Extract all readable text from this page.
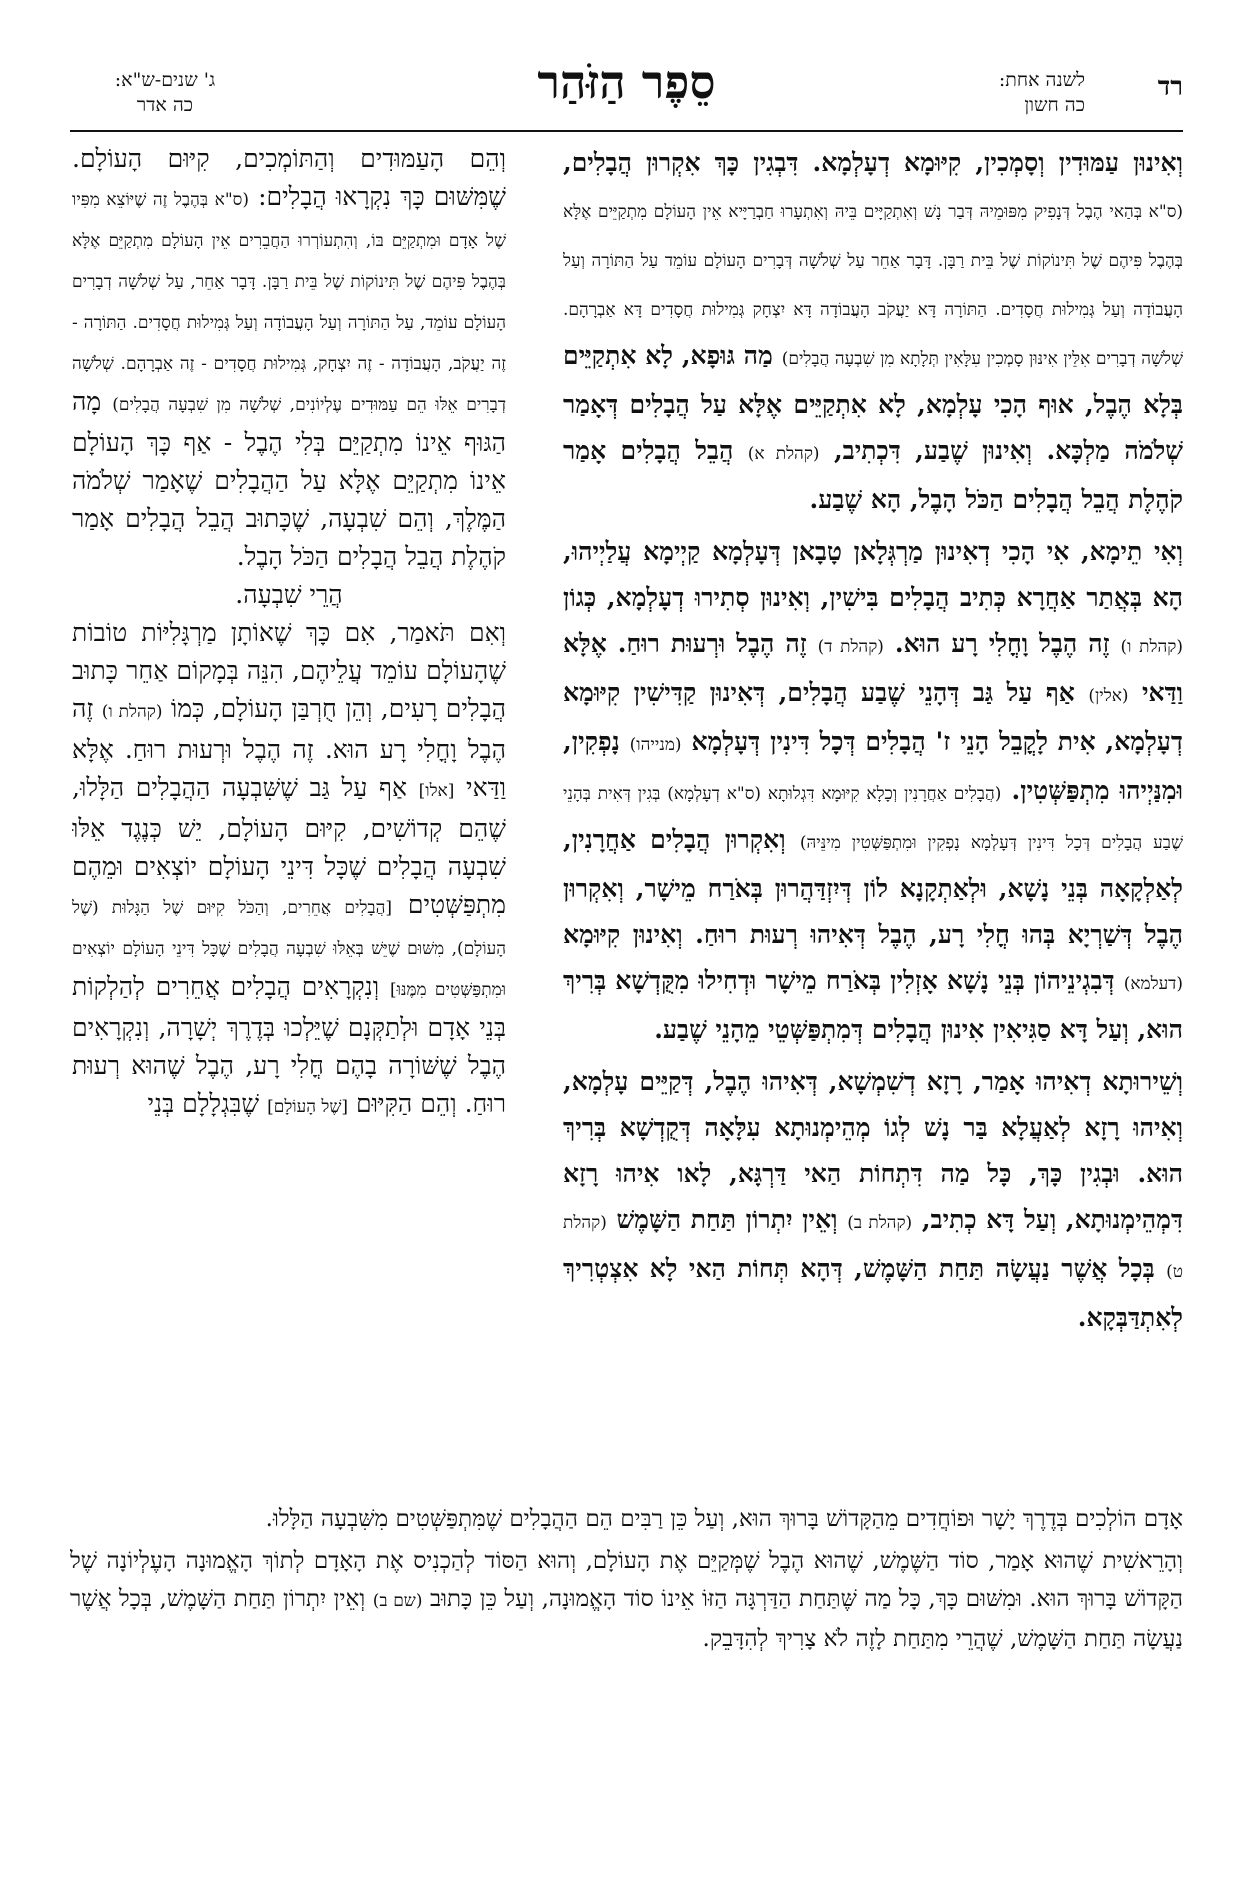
רד
לשנה אחת:
כה חשון
סֵפֶר הַזֹּהַר
ג' שנים-ש"א:
כה אדר

וְאִינוּן עַמּוּדִין וְסָמְכִין, קִיּוּמָא דְעָלְמָא. דִּבְגִין כָּךְ אִקְרוּן הֲבָלִים, (ס"א בְּהַאי הֶבֶל דְּנָפִיק מִפּוּמֵיהּ דְּבַר נָשׁ וְאִתְקַיָּים בֵּיהּ וְאִתְעָרוּ חַבְרַיָּיא אֵין הָעוֹלָם מִתְקַיֵּים אֶלָּא בְּהֶבֶל פִּיהֶם שֶׁל תִּינוֹקוֹת שֶׁל בֵּית רַבָּן. דָּבָר אַחֵר עַל שְׁלֹשָׁה דְּבָרִים הָעוֹלָם עוֹמֵד עַל הַתּוֹרָה וְעַל הָעֲבוֹדָה וְעַל גְּמִילוּת חֲסָדִים. הַתּוֹרָה דָּא יַעֲקֹב הָעֲבוֹדָה דָּא יִצְחָק גְּמִילוּת חֲסָדִים דָּא אַבְרָהָם. שְׁלֹשָׁה דְבָרִים אִלֵּין אִינּוּן סָמְכִין עִלָּאִין תְּלָתָא מִן שִׁבְעָה הֲבָלִים) מַה גּוּפָא, לָא אִתְקַיֵּים בְּלָא הֶבֶל, אוּף הָכִי עָלְמָא, לָא אִתְקַיֵּים אֶלָּא עַל הֲבָלִים דְּאָמַר שְׁלֹמֹה מַלְכָּא. וְאִינוּן שֶׁבַע, דִּכְתִיב, (קהלת א) הֲבֵל הֲבָלִים אָמַר קֹהֶלֶת הֲבֵל הֲבָלִים הַכֹּל הָבֶל, הָא שֶׁבַע.

וְאִי תֵימָא, אִי הָכִי דְאִינוּן מַרְגְּלָאן טָבָאן דְּעָלְמָא קַיְימָא עֲלַיְיהוּ, הָא בְּאֲתַר אַחֲרָא כְּתִיב הֲבָלִים בִּישִׁין, וְאִינוּן סְתִירוּ דְעָלְמָא, כְּגוֹן (קהלת ו) זֶה הֶבֶל וָחֳלִי רָע הוּא. (קהלת ד) זֶה הֶבֶל וּרְעוּת רוּחַ. אֶלָּא וַדַּאי (אלין) אַף עַל גַּב דְּהָנֵי שֶׁבַע הֲבָלִים, דְּאִינוּן קַדִּישִׁין קִיּוּמָא דְעָלְמָא, אִית לָקֳבֵל הָנֵי ז' הֲבָלִים דְּכָל דִּינִין דְּעָלְמָא (מנייהו) נָפְקִין, וּמִנַּיְיהוּ מִתְפַּשְּׁטִין. (הֲבָלִים אַחֲרָנִין וְכָלָא קִיּוּמָא דִּגְלוּתָא (ס"א דְעָלְמָא) בְּגִין דְּאִית בְּהָנֵי שֶׁבַע הֲבָלִים דְּכָל דִּינִין דְּעָלְמָא נָפְקִין וּמִתְפַּשְּׁטִין מִינֵּיהּ) וְאִקְרוּן הֲבָלִים אַחֲרָנִין, לְאַלְקָאָה בְּנֵי נָשָׁא, וּלְאַתְקָנָא לוֹן דְּיִזְדַּהֲרוּן בְּאֹרַח מֵישָׁר, וְאִקְרוּן הֶבֶל דְּשַׁרְיָא בְּהוּ חֳלִי רָע, הֶבֶל דְּאִיהוּ רְעוּת רוּחַ. וְאִינוּן קִיּוּמָא (דעלמא) דְּבִגְינֵיהוֹן בְּנֵי נָשָׁא אָזְלִין בְּאֹרַח מֵישָׁר וּדְחִילוּ מִקֻּדְשָׁא בְּרִיךְ הוּא, וְעַל דָּא סַגִּיאִין אִינוּן הֲבָלִים דְּמִתְפַּשְּׁטֵי מֵהָנֵי שֶׁבַע.

וְשֵׁירוּתָא דְאִיהוּ אָמַר, רָזָא דְשִׁמְשָׁא, דְּאִיהוּ הֶבֶל, דְּקַיֵּים עָלְמָא, וְאִיהוּ רָזָא לְאַעֲלָא בַּר נָשׁ לְגוֹ מְהֵימְנוּתָא עִלָּאָה דְּקֻדְשָׁא בְּרִיךְ הוּא. וּבְגִין כָּךְ, כָּל מַה דִּתְחוֹת הַאי דַּרְגָּא, לָאו אִיהוּ רָזָא דִּמְהֵימְנוּתָא, וְעַל דָּא כְתִיב, (קהלת ב) וְאֵין יִתְרוֹן תַּחַת הַשָּׁמֶשׁ (קהלת ט) בְּכָל אֲשֶׁר נַעֲשָׂה תַּחַת הַשָּׁמֶשׁ, דְּהָא תְּחוֹת הַאי לָא אִצְטְרִיךְ לְאִתְדַּבְּקָא.

וְהֵם הָעַמּוּדִים וְהַתּוֹמְכִים, קִיּוּם הָעוֹלָם. שֶׁמִּשּׁוּם כָּךְ נִקְרָאוּ הֲבָלִים: (ס"א בְּהֶבֶל זֶה שֶׁיּוֹצֵא מִפִּיו שֶׁל אָדָם וּמִתְקַיֵּם בּוֹ, וְהִתְעוֹרְרוּ הַחֲבֵרִים אֵין הָעוֹלָם מִתְקַיֵּם אֶלָּא בְּהֶבֶל פִּיהֶם שֶׁל תִּינוֹקוֹת שֶׁל בֵּית רַבָּן. דָּבָר אַחֵר, עַל שְׁלֹשָׁה דְבָרִים הָעוֹלָם עוֹמֵד, עַל הַתּוֹרָה וְעַל הָעֲבוֹדָה וְעַל גְּמִילוּת חֲסָדִים. הַתּוֹרָה - זֶה יַעֲקֹב, הָעֲבוֹדָה - זֶה יִצְחָק, גְּמִילוּת חֲסָדִים - זֶה אַבְרָהָם. שְׁלֹשָׁה דְבָרִים אֵלּוּ הֵם עַמּוּדִים עֶלְיוֹנִים, שְׁלֹשָׁה מִן שִׁבְעָה הֲבָלִים) מָה הַגּוּף אֵינוֹ מִתְקַיֵּם בְּלִי הֶבֶל - אַף כָּךְ הָעוֹלָם אֵינוֹ מִתְקַיֵּם אֶלָּא עַל הַהֲבָלִים שֶׁאָמַר שְׁלֹמֹה הַמֶּלֶךְ, וְהֵם שִׁבְעָה, שֶׁכָּתוּב הֲבֵל הֲבָלִים אָמַר קֹהֶלֶת הֲבֵל הֲבָלִים הַכֹּל הָבֶל.

הֲרֵי שִׁבְעָה.

וְאִם תֹּאמַר, אִם כָּךְ שֶׁאוֹתָן מַרְגָּלִיּוֹת טוֹבוֹת שֶׁהָעוֹלָם עוֹמֵד עֲלֵיהֶם, הִנֵּה בְּמָקוֹם אַחֵר כָּתוּב הֲבָלִים רָעִים, וְהֵן חֻרְבַּן הָעוֹלָם, כְּמוֹ (קהלת ו) זֶה הֶבֶל וָחֳלִי רָע הוּא. זֶה הֶבֶל וּרְעוּת רוּחַ. אֶלָּא וַדַּאי [אלו] אַף עַל גַּב שֶׁשִּׁבְעָה הַהֲבָלִים הַלָּלוּ, שֶׁהֵם קְדוֹשִׁים, קִיּוּם הָעוֹלָם, יֵשׁ כְּנֶגֶד אֵלּוּ שִׁבְעָה הֲבָלִים שֶׁכָּל דִּינֵי הָעוֹלָם יוֹצְאִים וּמֵהֶם מִתְפַּשְּׁטִים [הֲבָלִים אֲחֵרִים, וְהַכֹּל קִיּוּם שֶׁל הַגָּלוּת (שֶׁל הָעוֹלָם), מִשּׁוּם שֶׁיֵּשׁ בְּאֵלּוּ שִׁבְעָה הֲבָלִים שֶׁכָּל דִּינֵי הָעוֹלָם יוֹצְאִים וּמִתְפַּשְּׁטִים מִמֶּנּוּ] וְנִקְרָאִים הֲבָלִים אֲחֵרִים לְהַלְקוֹת בְּנֵי אָדָם וּלְתַקְּנָם שֶׁיֵּלְכוּ בְּדֶרֶךְ יְשָׁרָה, וְנִקְרָאִים הֶבֶל שֶׁשּׁוֹרָה בָהֶם חֳלִי רָע, הֶבֶל שֶׁהוּא רְעוּת רוּחַ. וְהֵם הַקִּיּוּם [שֶׁל הָעוֹלָם] שֶׁבִּגְלָלָם בְּנֵי

אָדָם הוֹלְכִים בְּדֶרֶךְ יָשָׁר וּפוֹחֲדִים מֵהַקָּדוֹשׁ בָּרוּךְ הוּא, וְעַל כֵּן רַבִּים הֵם הַהֲבָלִים שֶׁמִּתְפַּשְּׁטִים מִשִּׁבְעָה הַלָּלוּ.

וְהָרֵאשִׁית שֶׁהוּא אָמַר, סוֹד הַשֶּׁמֶשׁ, שֶׁהוּא הֶבֶל שֶׁמְּקַיֵּם אֶת הָעוֹלָם, וְהוּא הַסּוֹד לְהַכְנִיס אֶת הָאָדָם לְתוֹךְ הָאֱמוּנָה הָעֶלְיוֹנָה שֶׁל הַקָּדוֹשׁ בָּרוּךְ הוּא. וּמִשּׁוּם כָּךְ, כָּל מַה שֶּׁתַּחַת הַדַּרְגָּה הַזּוֹ אֵינוֹ סוֹד הָאֱמוּנָה, וְעַל כֵּן כָּתוּב (שם ב) וְאֵין יִתְרוֹן תַּחַת הַשָּׁמֶשׁ, בְּכָל אֲשֶׁר נַעֲשָׂה תַּחַת הַשָּׁמֶשׁ, שֶׁהֲרֵי מִתַּחַת לָזֶה לֹא צָרִיךְ לְהִדָּבֵק.
